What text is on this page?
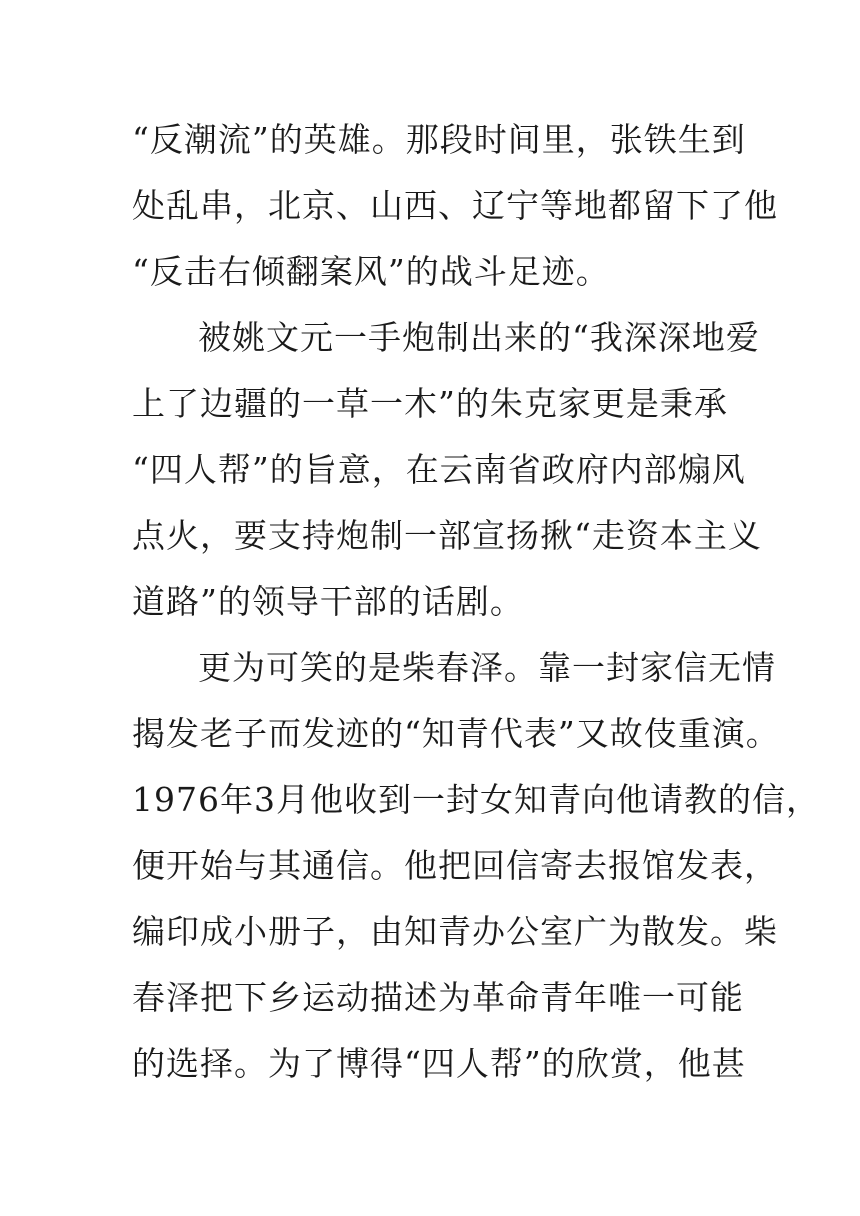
“反潮流”的英雄。那段时间里，张铁生到
处乱串，北京、山西、辽宁等地都留下了他
“反击右倾翻案风”的战斗足迹。
被姚文元一手炮制出来的“我深深地爱
上了边疆的一草一木”的朱克家更是秉承
“四人帮”的旨意，在云南省政府内部煽风
点火，要支持炮制一部宣扬揪“走资本主义
道路”的领导干部的话剧。
更为可笑的是柴春泽。靠一封家信无情
揭发老子而发迹的“知青代表”又故伎重演。
1976年3月他收到一封女知青向他请教的信，
便开始与其通信。他把回信寄去报馆发表，
编印成小册子，由知青办公室广为散发。柴
春泽把下乡运动描述为革命青年唯一可能
的选择。为了博得“四人帮”的欣赏，他甚
